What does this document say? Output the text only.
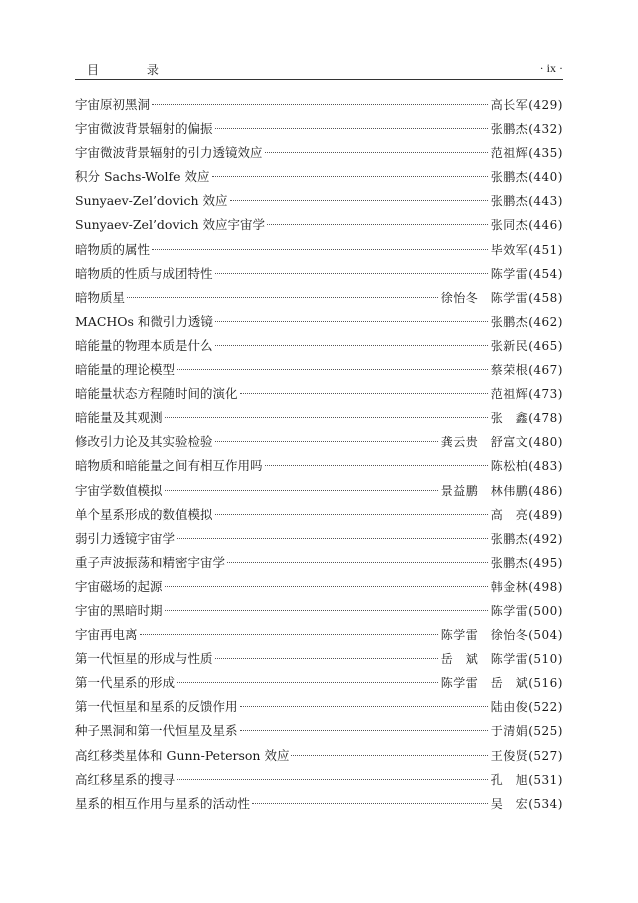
目 录	· ix ·
宇宙原初黑洞	高长军(429)
宇宙微波背景辐射的偏振	张鹏杰(432)
宇宙微波背景辐射的引力透镜效应	范祖辉(435)
积分 Sachs-Wolfe 效应	张鹏杰(440)
Sunyaev-Zel’dovich 效应	张鹏杰(443)
Sunyaev-Zel’dovich 效应宇宙学	张同杰(446)
暗物质的属性	毕效军(451)
暗物质的性质与成团特性	陈学雷(454)
暗物质星	徐怡冬　陈学雷(458)
MACHOs 和微引力透镜	张鹏杰(462)
暗能量的物理本质是什么	张新民(465)
暗能量的理论模型	蔡荣根(467)
暗能量状态方程随时间的演化	范祖辉(473)
暗能量及其观测	张　鑫(478)
修改引力论及其实验检验	龚云贵　舒富文(480)
暗物质和暗能量之间有相互作用吗	陈松柏(483)
宇宙学数值模拟	景益鹏　林伟鹏(486)
单个星系形成的数值模拟	高　亮(489)
弱引力透镜宇宙学	张鹏杰(492)
重子声波振荡和精密宇宙学	张鹏杰(495)
宇宙磁场的起源	韩金林(498)
宇宙的黑暗时期	陈学雷(500)
宇宙再电离	陈学雷　徐怡冬(504)
第一代恒星的形成与性质	岳　斌　陈学雷(510)
第一代星系的形成	陈学雷　岳　斌(516)
第一代恒星和星系的反馈作用	陆由俊(522)
种子黑洞和第一代恒星及星系	于清娟(525)
高红移类星体和 Gunn-Peterson 效应	王俊贤(527)
高红移星系的搜寻	孔　旭(531)
星系的相互作用与星系的活动性	吴　宏(534)
